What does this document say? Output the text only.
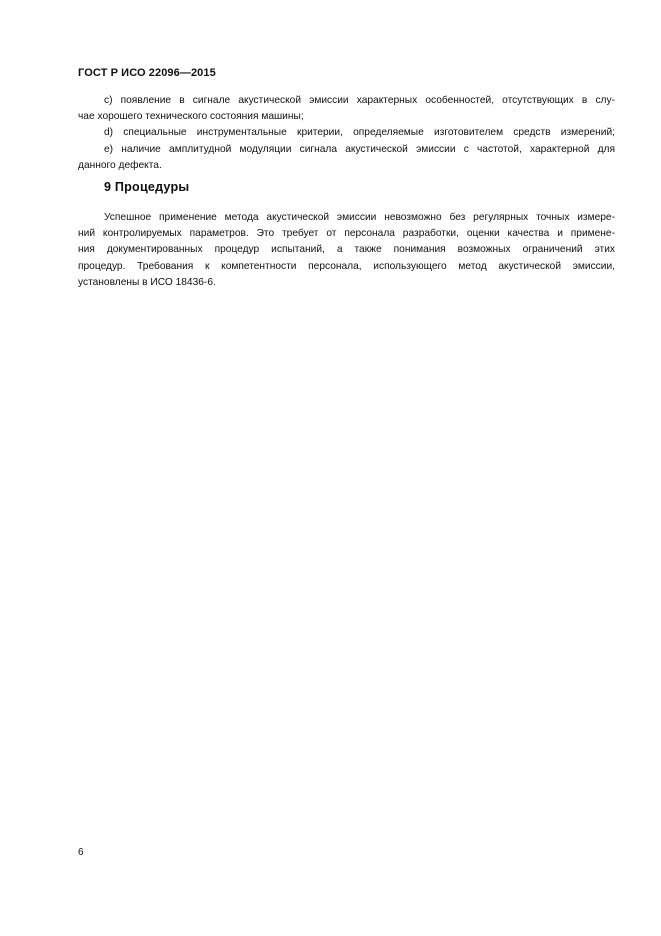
ГОСТ Р ИСО 22096—2015
c) появление в сигнале акустической эмиссии характерных особенностей, отсутствующих в слу-
чае хорошего технического состояния машины;
d) специальные инструментальные критерии, определяемые изготовителем средств измерений;
e) наличие амплитудной модуляции сигнала акустической эмиссии с частотой, характерной для
данного дефекта.
9 Процедуры
Успешное применение метода акустической эмиссии невозможно без регулярных точных измере-
ний контролируемых параметров. Это требует от персонала разработки, оценки качества и примене-
ния документированных процедур испытаний, а также понимания возможных ограничений этих
процедур. Требования к компетентности персонала, использующего метод акустической эмиссии,
установлены в ИСО 18436-6.
6
